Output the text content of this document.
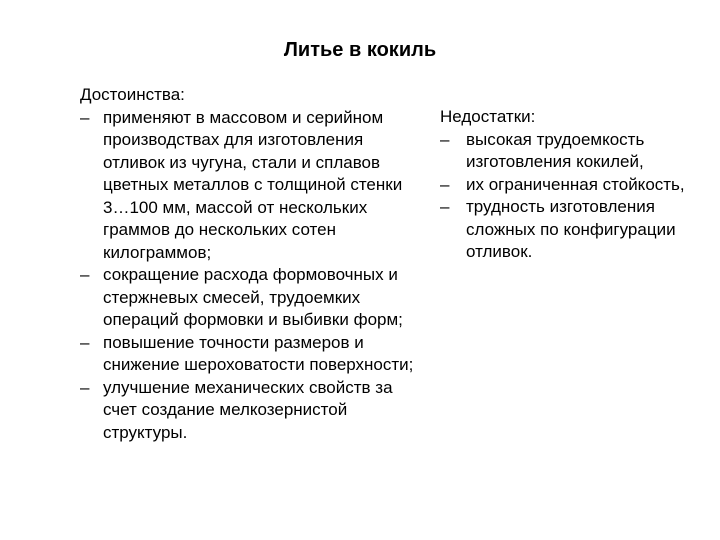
Литье в кокиль

Достоинства:

– применяют в массовом и серийном производствах для изготовления отливок из чугуна, стали и сплавов цветных металлов с толщиной стенки 3…100 мм, массой от нескольких граммов до нескольких сотен килограммов;
– сокращение расхода формовочных и стержневых смесей, трудоемких операций формовки и выбивки форм;
– повышение точности размеров и снижение шероховатости поверхности;
– улучшение механических свойств за счет создание мелкозернистой структуры.

Недостатки:

– высокая трудоемкость изготовления кокилей,
– их ограниченная стойкость,
– трудность изготовления сложных по конфигурации отливок.
